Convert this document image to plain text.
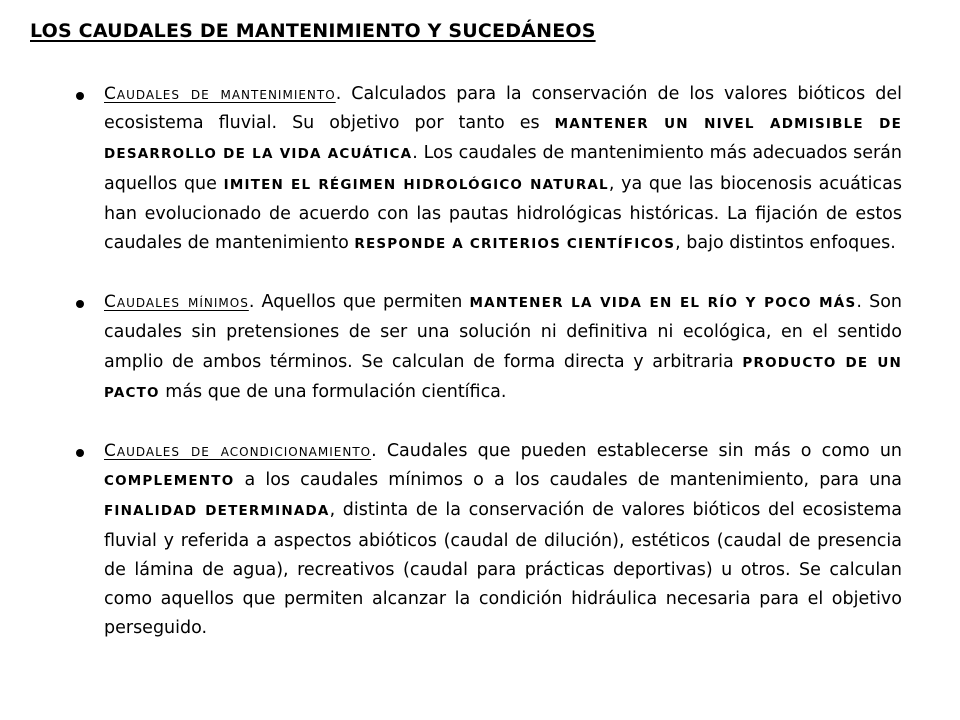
LOS CAUDALES DE MANTENIMIENTO Y SUCEDÁNEOS

Caudales de mantenimiento. Calculados para la conservación de los valores bióticos del ecosistema fluvial. Su objetivo por tanto es MANTENER UN NIVEL ADMISIBLE DE DESARROLLO DE LA VIDA ACUÁTICA. Los caudales de mantenimiento más adecuados serán aquellos que IMITEN EL RÉGIMEN HIDROLÓGICO NATURAL, ya que las biocenosis acuáticas han evolucionado de acuerdo con las pautas hidrológicas históricas. La fijación de estos caudales de mantenimiento RESPONDE A CRITERIOS CIENTÍFICOS, bajo distintos enfoques.

Caudales mínimos. Aquellos que permiten MANTENER LA VIDA EN EL RÍO Y POCO MÁS. Son caudales sin pretensiones de ser una solución ni definitiva ni ecológica, en el sentido amplio de ambos términos. Se calculan de forma directa y arbitraria PRODUCTO DE UN PACTO más que de una formulación científica.

Caudales de acondicionamiento. Caudales que pueden establecerse sin más o como un COMPLEMENTO a los caudales mínimos o a los caudales de mantenimiento, para una FINALIDAD DETERMINADA, distinta de la conservación de valores bióticos del ecosistema fluvial y referida a aspectos abióticos (caudal de dilución), estéticos (caudal de presencia de lámina de agua), recreativos (caudal para prácticas deportivas) u otros. Se calculan como aquellos que permiten alcanzar la condición hidráulica necesaria para el objetivo perseguido.
